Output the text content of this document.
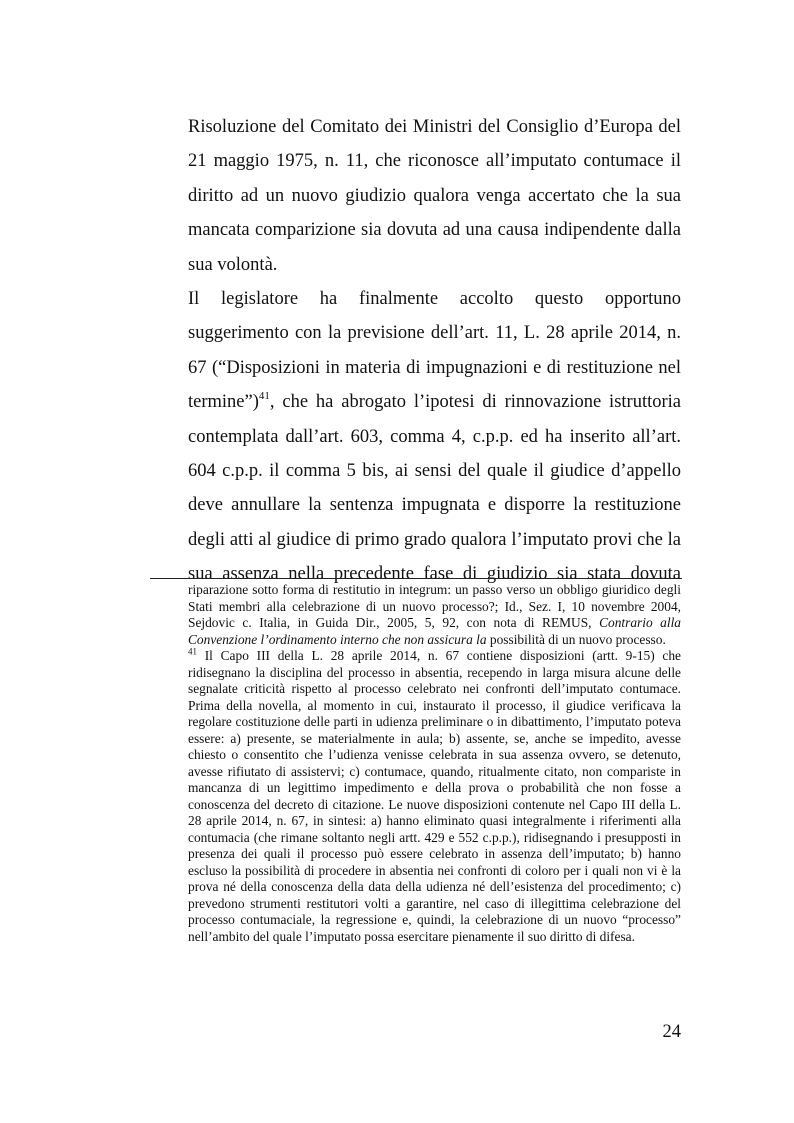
Risoluzione del Comitato dei Ministri del Consiglio d’Europa del 21 maggio 1975, n. 11, che riconosce all’imputato contumace il diritto ad un nuovo giudizio qualora venga accertato che la sua mancata comparizione sia dovuta ad una causa indipendente dalla sua volontà.

Il legislatore ha finalmente accolto questo opportuno suggerimento con la previsione dell’art. 11, L. 28 aprile 2014, n. 67 (“Disposizioni in materia di impugnazioni e di restituzione nel termine”)$^{41}$, che ha abrogato l’ipotesi di rinnovazione istruttoria contemplata dall’art. 603, comma 4, c.p.p. ed ha inserito all’art. 604 c.p.p. il comma 5 bis, ai sensi del quale il giudice d’appello deve annullare la sentenza impugnata e disporre la restituzione degli atti al giudice di primo grado qualora l’imputato provi che la sua assenza nella precedente fase di giudizio sia stata dovuta

riparazione sotto forma di restitutio in integrum: un passo verso un obbligo giuridico degli Stati membri alla celebrazione di un nuovo processo?; Id., Sez. I, 10 novembre 2004, Sejdovic c. Italia, in Guida Dir., 2005, 5, 92, con nota di REMUS, Contrario alla Convenzione l’ordinamento interno che non assicura la possibilità di un nuovo processo.

$^{41}$ Il Capo III della L. 28 aprile 2014, n. 67 contiene disposizioni (artt. 9-15) che ridisegnano la disciplina del processo in absentia, recependo in larga misura alcune delle segnalate criticità rispetto al processo celebrato nei confronti dell’imputato contumace. Prima della novella, al momento in cui, instaurato il processo, il giudice verificava la regolare costituzione delle parti in udienza preliminare o in dibattimento, l’imputato poteva essere: a) presente, se materialmente in aula; b) assente, se, anche se impedito, avesse chiesto o consentito che l’udienza venisse celebrata in sua assenza ovvero, se detenuto, avesse rifiutato di assistervi; c) contumace, quando, ritualmente citato, non compariste in mancanza di un legittimo impedimento e della prova o probabilità che non fosse a conoscenza del decreto di citazione. Le nuove disposizioni contenute nel Capo III della L. 28 aprile 2014, n. 67, in sintesi: a) hanno eliminato quasi integralmente i riferimenti alla contumacia (che rimane soltanto negli artt. 429 e 552 c.p.p.), ridisegnando i presupposti in presenza dei quali il processo può essere celebrato in assenza dell’imputato; b) hanno escluso la possibilità di procedere in absentia nei confronti di coloro per i quali non vi è la prova né della conoscenza della data della udienza né dell’esistenza del procedimento; c) prevedono strumenti restitutori volti a garantire, nel caso di illegittima celebrazione del processo contumaciale, la regressione e, quindi, la celebrazione di un nuovo “processo” nell’ambito del quale l’imputato possa esercitare pienamente il suo diritto di difesa.

24
